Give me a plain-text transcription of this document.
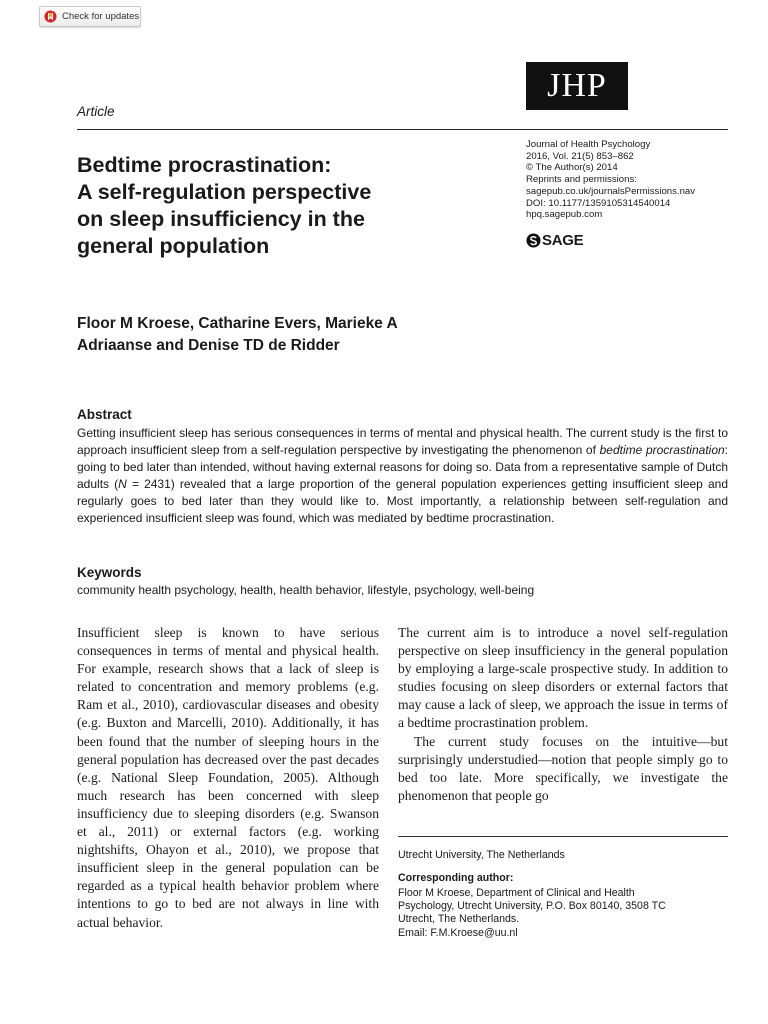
Check for updates
JHP
Article
Bedtime procrastination:
A self-regulation perspective
on sleep insufficiency in the
general population
Journal of Health Psychology
2016, Vol. 21(5) 853–862
© The Author(s) 2014
Reprints and permissions:
sagepub.co.uk/journalsPermissions.nav
DOI: 10.1177/1359105314540014
hpq.sagepub.com
SAGE
Floor M Kroese, Catharine Evers, Marieke A
Adriaanse and Denise TD de Ridder
Abstract
Getting insufficient sleep has serious consequences in terms of mental and physical health. The current study is the first to approach insufficient sleep from a self-regulation perspective by investigating the phenomenon of bedtime procrastination: going to bed later than intended, without having external reasons for doing so. Data from a representative sample of Dutch adults (N = 2431) revealed that a large proportion of the general population experiences getting insufficient sleep and regularly goes to bed later than they would like to. Most importantly, a relationship between self-regulation and experienced insufficient sleep was found, which was mediated by bedtime procrastination.
Keywords
community health psychology, health, health behavior, lifestyle, psychology, well-being
Insufficient sleep is known to have serious consequences in terms of mental and physical health. For example, research shows that a lack of sleep is related to concentration and memory problems (e.g. Ram et al., 2010), cardiovascular diseases and obesity (e.g. Buxton and Marcelli, 2010). Additionally, it has been found that the number of sleeping hours in the general population has decreased over the past decades (e.g. National Sleep Foundation, 2005). Although much research has been concerned with sleep insufficiency due to sleeping disorders (e.g. Swanson et al., 2011) or external factors (e.g. working nightshifts, Ohayon et al., 2010), we propose that insufficient sleep in the general population can be regarded as a typical health behavior problem where intentions to go to bed are not always in line with actual behavior.

The current aim is to introduce a novel self-regulation perspective on sleep insufficiency in the general population by employing a large-scale prospective study. In addition to studies focusing on sleep disorders or external factors that may cause a lack of sleep, we approach the issue in terms of a bedtime procrastination problem.

The current study focuses on the intuitive—but surprisingly understudied—notion that people simply go to bed too late. More specifically, we investigate the phenomenon that people go

Utrecht University, The Netherlands
Corresponding author:
Floor M Kroese, Department of Clinical and Health
Psychology, Utrecht University, P.O. Box 80140, 3508 TC
Utrecht, The Netherlands.
Email: F.M.Kroese@uu.nl
